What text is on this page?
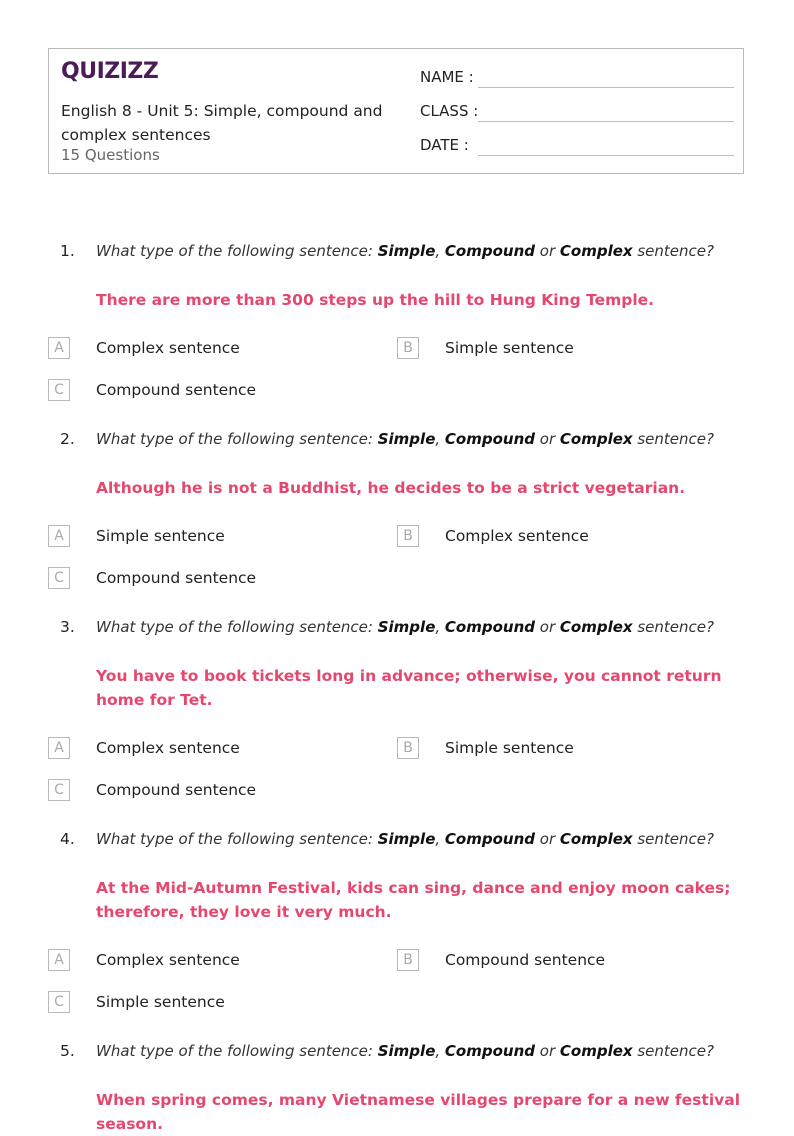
QUIZIZZ
English 8 - Unit 5: Simple, compound and complex sentences
15 Questions
NAME :
CLASS :
DATE :
1. What type of the following sentence: Simple, Compound or Complex sentence?
There are more than 300 steps up the hill to Hung King Temple.
A	Complex sentence	B	Simple sentence
C	Compound sentence
2. What type of the following sentence: Simple, Compound or Complex sentence?
Although he is not a Buddhist, he decides to be a strict vegetarian.
A	Simple sentence	B	Complex sentence
C	Compound sentence
3. What type of the following sentence: Simple, Compound or Complex sentence?
You have to book tickets long in advance; otherwise, you cannot return home for Tet.
A	Complex sentence	B	Simple sentence
C	Compound sentence
4. What type of the following sentence: Simple, Compound or Complex sentence?
At the Mid-Autumn Festival, kids can sing, dance and enjoy moon cakes; therefore, they love it very much.
A	Complex sentence	B	Compound sentence
C	Simple sentence
5. What type of the following sentence: Simple, Compound or Complex sentence?
When spring comes, many Vietnamese villages prepare for a new festival season.
